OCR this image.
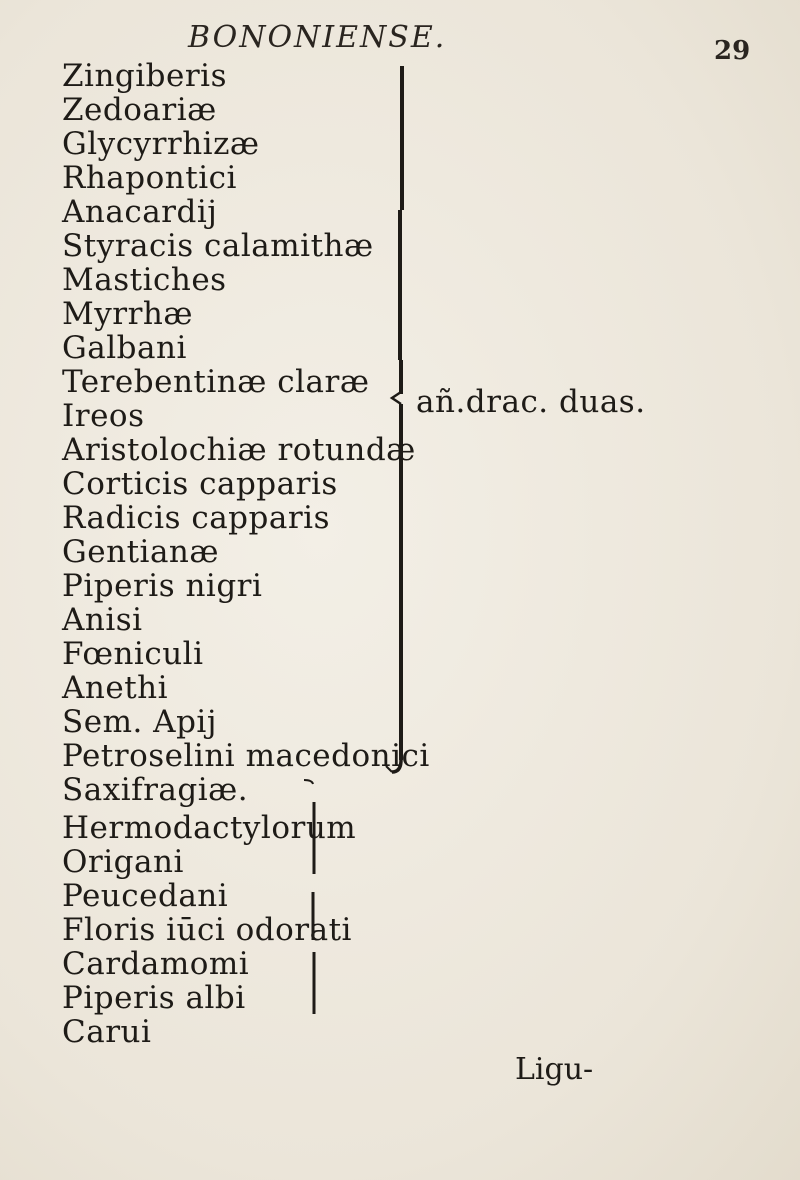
BONONIENSE.	29
Zingiberis
Zedoariæ
Glycyrrhizæ
Rhapontici
Anacardij
Styracis calamithæ
Mastiches
Myrrhæ
Galbani
Terebentinæ claræ
Ireos
Aristolochiæ rotundæ
Corticis capparis
Radicis capparis
Gentianæ
Piperis nigri
Anisi
Fœniculi
Anethi
Sem. Apij
Petroselini macedonici
Saxifragiæ.
Hermodactylorum
Origani
Peucedani
Floris iūci odorati
Cardamomi
Piperis albi
Carui
añ.drac. duas.
Ligu-
